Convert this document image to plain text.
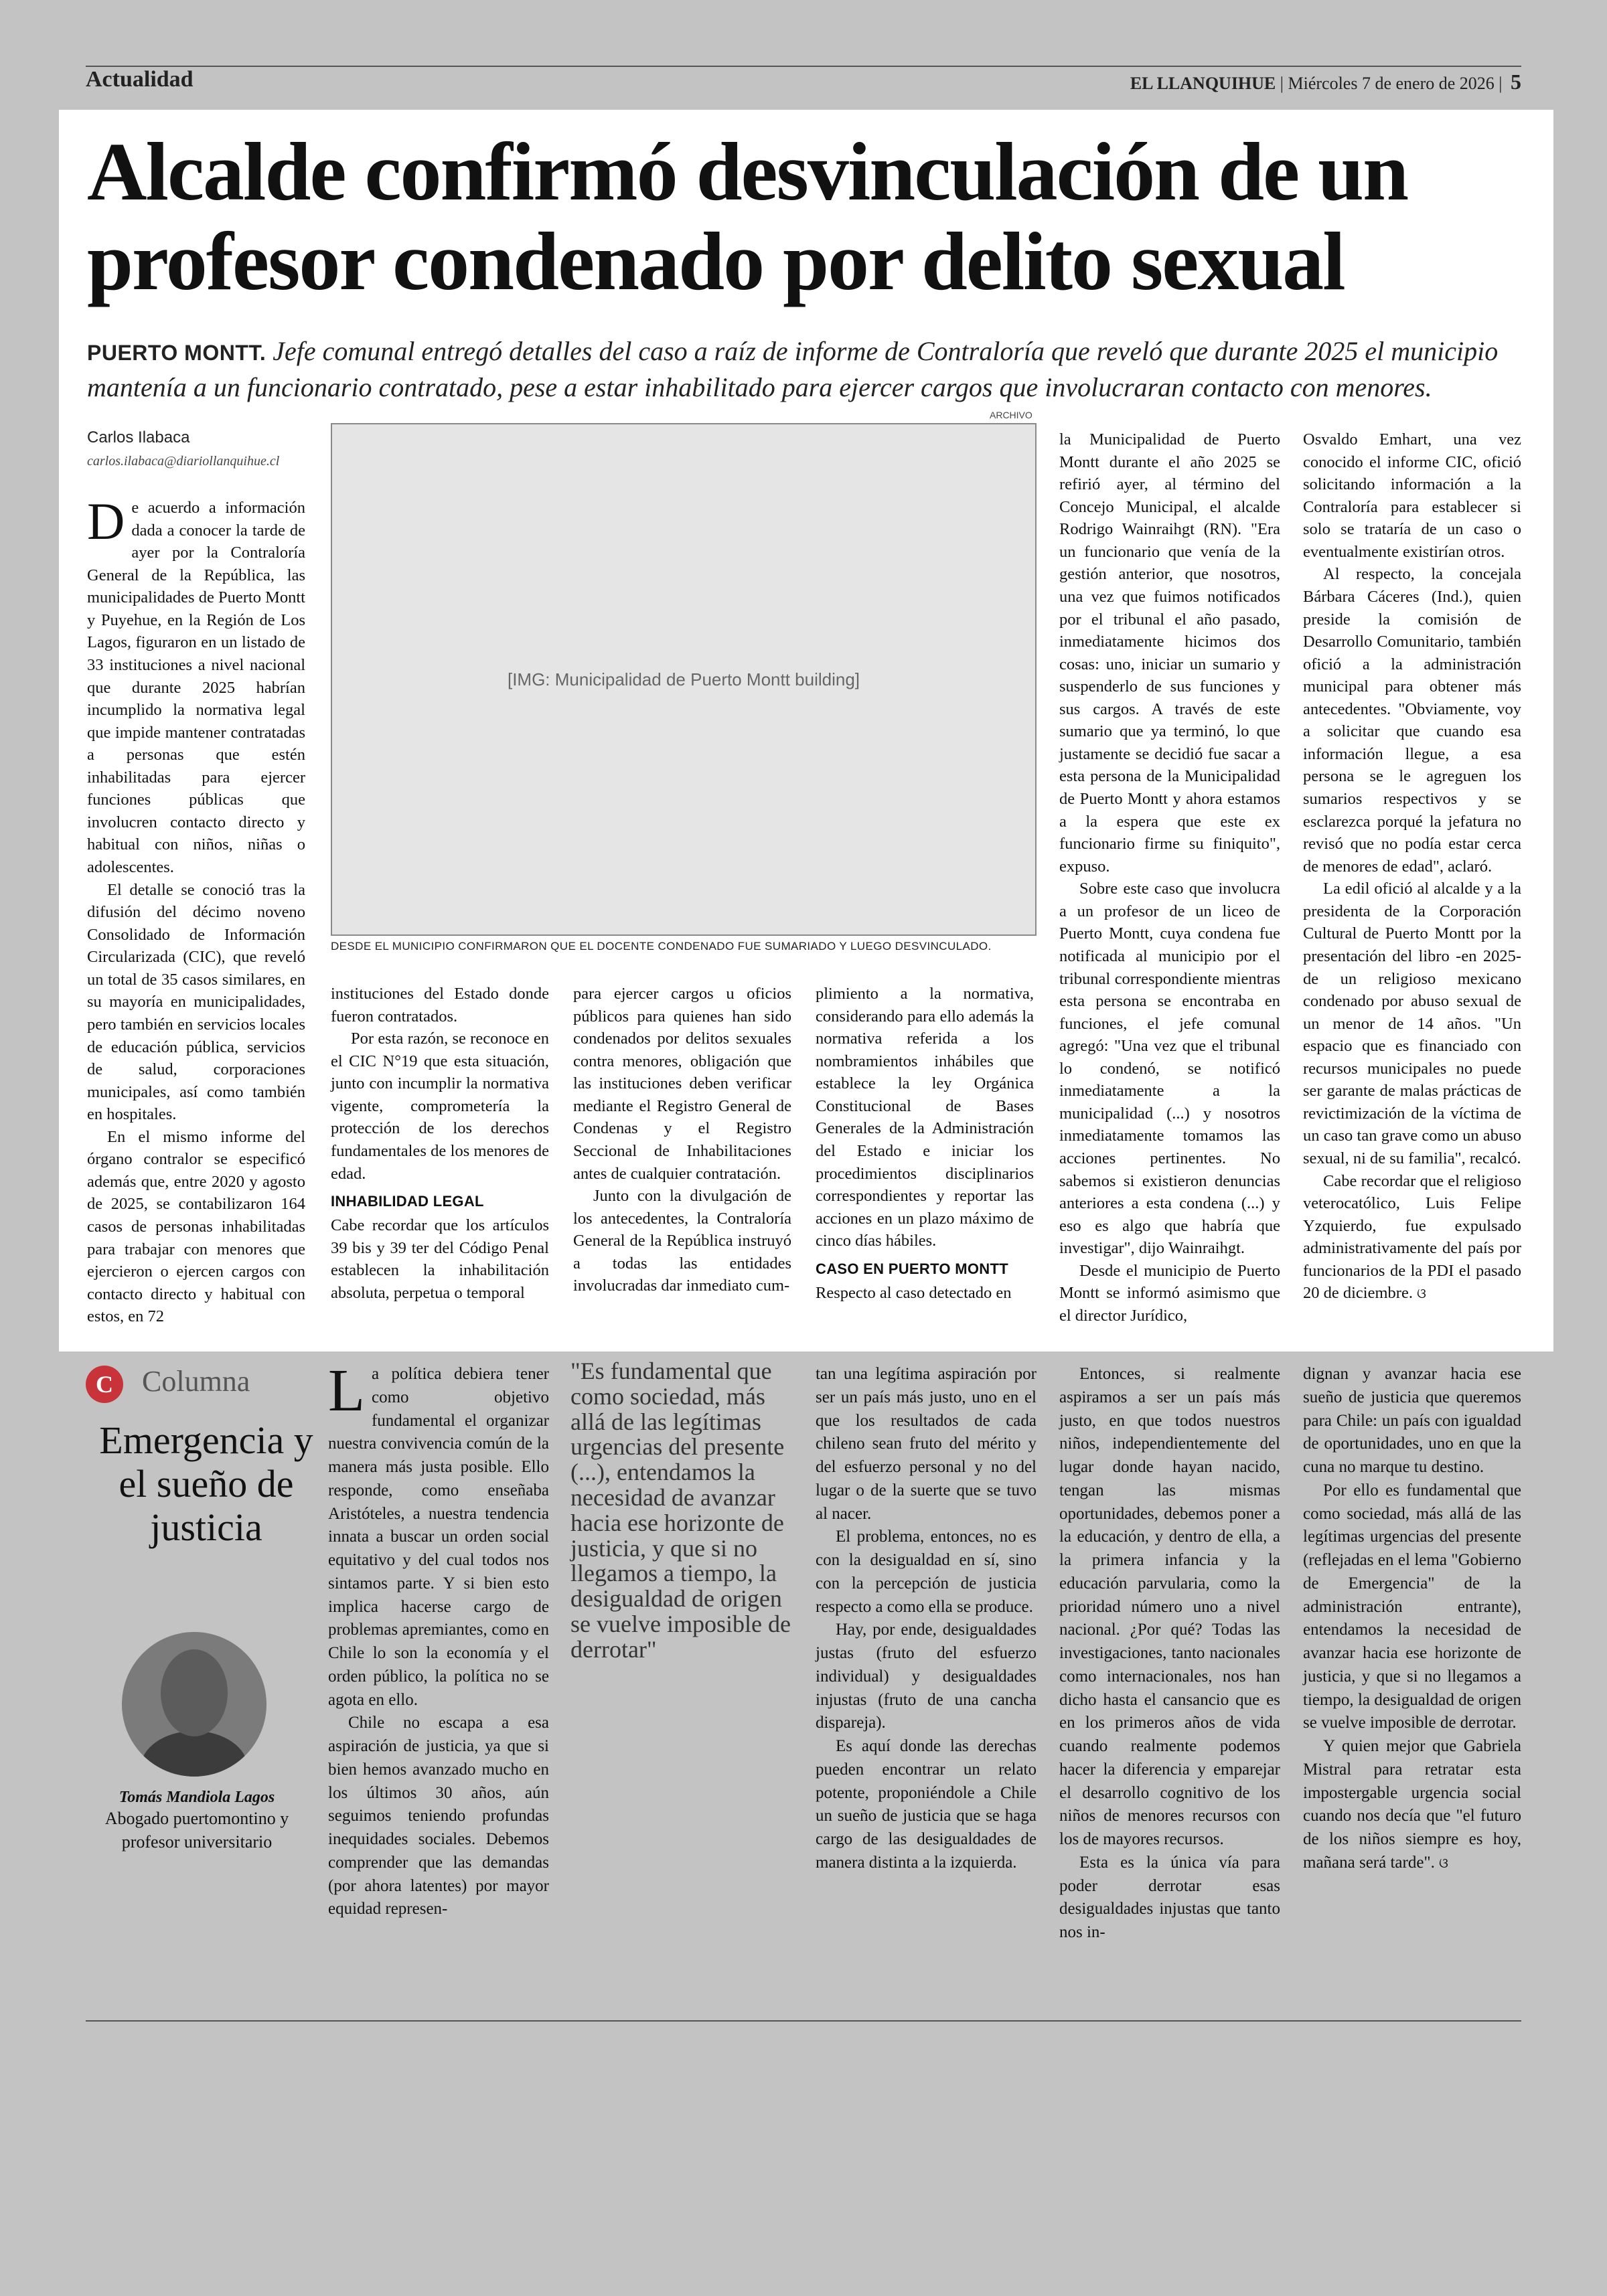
Actualidad	EL LLANQUIHUE | Miércoles 7 de enero de 2026 | 5
Alcalde confirmó desvinculación de un profesor condenado por delito sexual
PUERTO MONTT. Jefe comunal entregó detalles del caso a raíz de informe de Contraloría que reveló que durante 2025 el municipio mantenía a un funcionario contratado, pese a estar inhabilitado para ejercer cargos que involucraran contacto con menores.
Carlos Ilabaca
carlos.ilabaca@diariollanquihue.cl

De acuerdo a información dada a conocer la tarde de ayer por la Contraloría General de la República, las municipalidades de Puerto Montt y Puyehue, en la Región de Los Lagos, figuraron en un listado de 33 instituciones a nivel nacional que durante 2025 habrían incumplido la normativa legal que impide mantener contratadas a personas que estén inhabilitadas para ejercer funciones públicas que involucren contacto directo y habitual con niños, niñas o adolescentes.

El detalle se conoció tras la difusión del décimo noveno Consolidado de Información Circularizada (CIC), que reveló un total de 35 casos similares, en su mayoría en municipalidades, pero también en servicios locales de educación pública, servicios de salud, corporaciones municipales, así como también en hospitales.

En el mismo informe del órgano contralor se especificó además que, entre 2020 y agosto de 2025, se contabilizaron 164 casos de personas inhabilitadas para trabajar con menores que ejercieron o ejercen cargos con contacto directo y habitual con estos, en 72

ARCHIVO
[IMG: Municipalidad de Puerto Montt building]
DESDE EL MUNICIPIO CONFIRMARON QUE EL DOCENTE CONDENADO FUE SUMARIADO Y LUEGO DESVINCULADO.

instituciones del Estado donde fueron contratados.

Por esta razón, se reconoce en el CIC N°19 que esta situación, junto con incumplir la normativa vigente, comprometería la protección de los derechos fundamentales de los menores de edad.

INHABILIDAD LEGAL

Cabe recordar que los artículos 39 bis y 39 ter del Código Penal establecen la inhabilitación absoluta, perpetua o temporal

para ejercer cargos u oficios públicos para quienes han sido condenados por delitos sexuales contra menores, obligación que las instituciones deben verificar mediante el Registro General de Condenas y el Registro Seccional de Inhabilitaciones antes de cualquier contratación.

Junto con la divulgación de los antecedentes, la Contraloría General de la República instruyó a todas las entidades involucradas dar inmediato cum-

plimiento a la normativa, considerando para ello además la normativa referida a los nombramientos inhábiles que establece la ley Orgánica Constitucional de Bases Generales de la Administración del Estado e iniciar los procedimientos disciplinarios correspondientes y reportar las acciones en un plazo máximo de cinco días hábiles.

CASO EN PUERTO MONTT

Respecto al caso detectado en

la Municipalidad de Puerto Montt durante el año 2025 se refirió ayer, al término del Concejo Municipal, el alcalde Rodrigo Wainraihgt (RN). "Era un funcionario que venía de la gestión anterior, que nosotros, una vez que fuimos notificados por el tribunal el año pasado, inmediatamente hicimos dos cosas: uno, iniciar un sumario y suspenderlo de sus funciones y sus cargos. A través de este sumario que ya terminó, lo que justamente se decidió fue sacar a esta persona de la Municipalidad de Puerto Montt y ahora estamos a la espera que este ex funcionario firme su finiquito", expuso.

Sobre este caso que involucra a un profesor de un liceo de Puerto Montt, cuya condena fue notificada al municipio por el tribunal correspondiente mientras esta persona se encontraba en funciones, el jefe comunal agregó: "Una vez que el tribunal lo condenó, se notificó inmediatamente a la municipalidad (...) y nosotros inmediatamente tomamos las acciones pertinentes. No sabemos si existieron denuncias anteriores a esta condena (...) y eso es algo que habría que investigar", dijo Wainraihgt.

Desde el municipio de Puerto Montt se informó asimismo que el director Jurídico,

Osvaldo Emhart, una vez conocido el informe CIC, ofició solicitando información a la Contraloría para establecer si solo se trataría de un caso o eventualmente existirían otros.

Al respecto, la concejala Bárbara Cáceres (Ind.), quien preside la comisión de Desarrollo Comunitario, también ofició a la administración municipal para obtener más antecedentes. "Obviamente, voy a solicitar que cuando esa información llegue, a esa persona se le agreguen los sumarios respectivos y se esclarezca porqué la jefatura no revisó que no podía estar cerca de menores de edad", aclaró.

La edil ofició al alcalde y a la presidenta de la Corporación Cultural de Puerto Montt por la presentación del libro -en 2025- de un religioso mexicano condenado por abuso sexual de un menor de 14 años. "Un espacio que es financiado con recursos municipales no puede ser garante de malas prácticas de revictimización de la víctima de un caso tan grave como un abuso sexual, ni de su familia", recalcó.

Cabe recordar que el religioso veterocatólico, Luis Felipe Yzquierdo, fue expulsado administrativamente del país por funcionarios de la PDI el pasado 20 de diciembre. ଓ

C Columna
Emergencia y el sueño de justicia
Tomás Mandiola Lagos
Abogado puertomontino y profesor universitario

La política debiera tener como objetivo fundamental el organizar nuestra convivencia común de la manera más justa posible. Ello responde, como enseñaba Aristóteles, a nuestra tendencia innata a buscar un orden social equitativo y del cual todos nos sintamos parte. Y si bien esto implica hacerse cargo de problemas apremiantes, como en Chile lo son la economía y el orden público, la política no se agota en ello.

Chile no escapa a esa aspiración de justicia, ya que si bien hemos avanzado mucho en los últimos 30 años, aún seguimos teniendo profundas inequidades sociales. Debemos comprender que las demandas (por ahora latentes) por mayor equidad represen-

"Es fundamental que como sociedad, más allá de las legítimas urgencias del presente (...), entendamos la necesidad de avanzar hacia ese horizonte de justicia, y que si no llegamos a tiempo, la desigualdad de origen se vuelve imposible de derrotar"

tan una legítima aspiración por ser un país más justo, uno en el que los resultados de cada chileno sean fruto del mérito y del esfuerzo personal y no del lugar o de la suerte que se tuvo al nacer.

El problema, entonces, no es con la desigualdad en sí, sino con la percepción de justicia respecto a como ella se produce.

Hay, por ende, desigualdades justas (fruto del esfuerzo individual) y desigualdades injustas (fruto de una cancha dispareja).

Es aquí donde las derechas pueden encontrar un relato potente, proponiéndole a Chile un sueño de justicia que se haga cargo de las desigualdades de manera distinta a la izquierda.

Entonces, si realmente aspiramos a ser un país más justo, en que todos nuestros niños, independientemente del lugar donde hayan nacido, tengan las mismas oportunidades, debemos poner a la educación, y dentro de ella, a la primera infancia y la educación parvularia, como la prioridad número uno a nivel nacional. ¿Por qué? Todas las investigaciones, tanto nacionales como internacionales, nos han dicho hasta el cansancio que es en los primeros años de vida cuando realmente podemos hacer la diferencia y emparejar el desarrollo cognitivo de los niños de menores recursos con los de mayores recursos.

Esta es la única vía para poder derrotar esas desigualdades injustas que tanto nos in-

dignan y avanzar hacia ese sueño de justicia que queremos para Chile: un país con igualdad de oportunidades, uno en que la cuna no marque tu destino.

Por ello es fundamental que como sociedad, más allá de las legítimas urgencias del presente (reflejadas en el lema "Gobierno de Emergencia" de la administración entrante), entendamos la necesidad de avanzar hacia ese horizonte de justicia, y que si no llegamos a tiempo, la desigualdad de origen se vuelve imposible de derrotar.

Y quien mejor que Gabriela Mistral para retratar esta impostergable urgencia social cuando nos decía que "el futuro de los niños siempre es hoy, mañana será tarde". ଓ
